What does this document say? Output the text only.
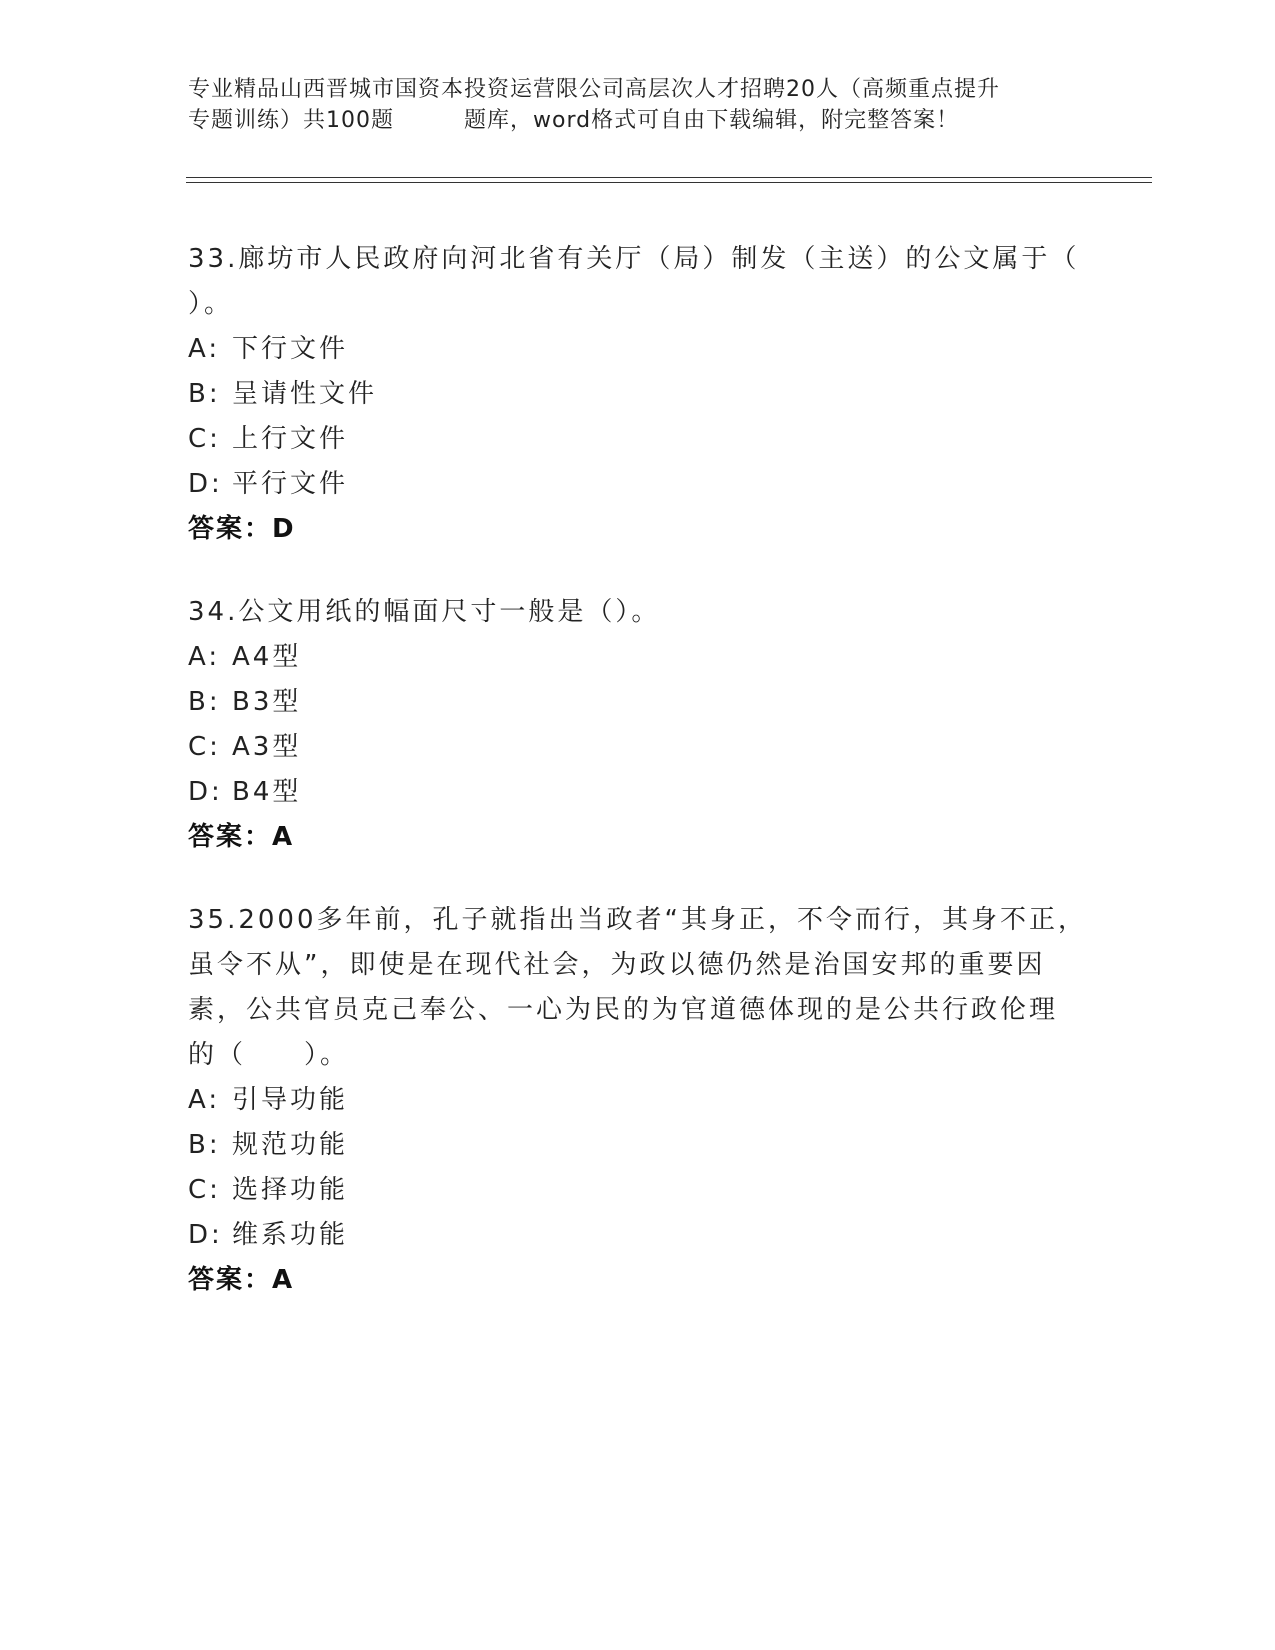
专业精品山西晋城市国资本投资运营限公司高层次人才招聘20人（高频重点提升
专题训练）共100题	题库，word格式可自由下载编辑，附完整答案！
33.廊坊市人民政府向河北省有关厅（局）制发（主送）的公文属于（
）。
A: 下行文件
B: 呈请性文件
C: 上行文件
D: 平行文件
答案：D
34.公文用纸的幅面尺寸一般是（）。
A: A4型
B: B3型
C: A3型
D: B4型
答案：A
35.2000多年前，孔子就指出当政者“其身正，不令而行，其身不正，
虽令不从”，即使是在现代社会，为政以德仍然是治国安邦的重要因
素，公共官员克己奉公、一心为民的为官道德体现的是公共行政伦理
的（　　）。
A: 引导功能
B: 规范功能
C: 选择功能
D: 维系功能
答案：A
